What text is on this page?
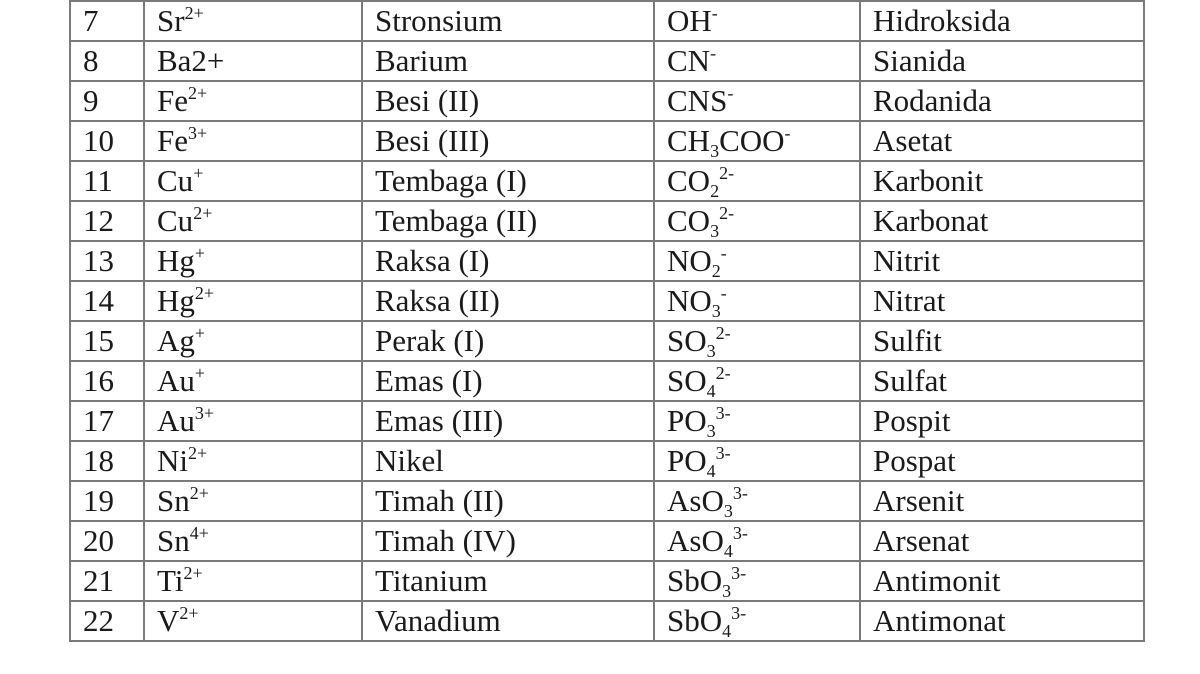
7	$Sr^{2+}$	Stronsium	OH-	Hidroksida
8	Ba2+	Barium	CN-	Sianida
9	$Fe^{2+}$	Besi (II)	CNS-	Rodanida
10	$Fe^{3+}$	Besi (III)	$CH_3COO^-$	Asetat
11	Cu+	Tembaga (I)	$CO_2^{2-}$	Karbonit
12	$Cu^{2+}$	Tembaga (II)	$CO_3^{2-}$	Karbonat
13	Hg+	Raksa (I)	$NO_2^-$	Nitrit
14	$Hg^{2+}$	Raksa (II)	$NO_3^-$	Nitrat
15	Ag+	Perak (I)	$SO_3^{2-}$	Sulfit
16	Au+	Emas (I)	$SO_4^{2-}$	Sulfat
17	$Au^{3+}$	Emas (III)	$PO_3^{3-}$	Pospit
18	$Ni^{2+}$	Nikel	$PO_4^{3-}$	Pospat
19	$Sn^{2+}$	Timah (II)	AsO$_3^{3-}$	Arsenit
20	$Sn^{4+}$	Timah (IV)	AsO$_4^{3-}$	Arsenat
21	$Ti^{2+}$	Titanium	SbO$_3^{3-}$	Antimonit
22	$V^{2+}$	Vanadium	SbO$_4^{3-}$	Antimonat
